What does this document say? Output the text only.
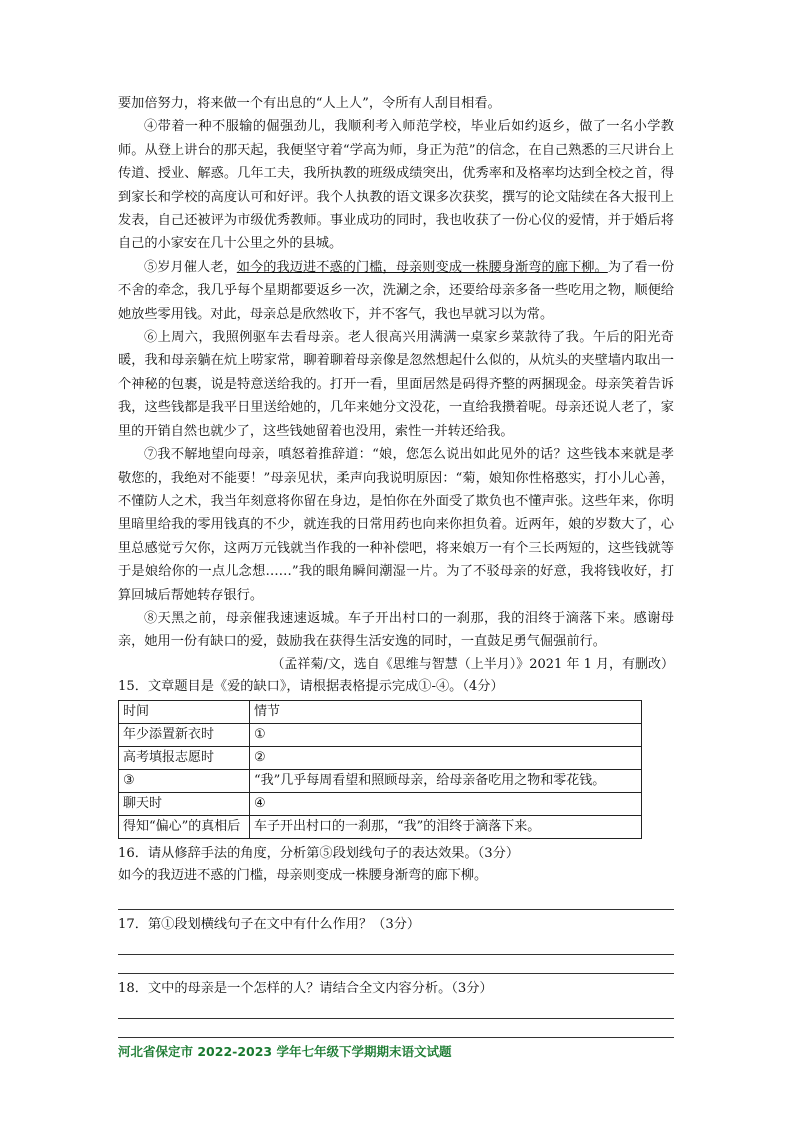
要加倍努力，将来做一个有出息的“人上人”，令所有人刮目相看。

④带着一种不服输的倔强劲儿，我顺利考入师范学校，毕业后如约返乡，做了一名小学教师。从登上讲台的那天起，我便坚守着“学高为师，身正为范”的信念，在自己熟悉的三尺讲台上传道、授业、解惑。几年工夫，我所执教的班级成绩突出，优秀率和及格率均达到全校之首，得到家长和学校的高度认可和好评。我个人执教的语文课多次获奖，撰写的论文陆续在各大报刊上发表，自己还被评为市级优秀教师。事业成功的同时，我也收获了一份心仪的爱情，并于婚后将自己的小家安在几十公里之外的县城。

⑤岁月催人老，如今的我迈进不惑的门槛，母亲则变成一株腰身渐弯的廊下柳。为了看一份不舍的牵念，我几乎每个星期都要返乡一次，洗涮之余，还要给母亲多备一些吃用之物，顺便给她放些零用钱。对此，母亲总是欣然收下，并不客气，我也早就习以为常。

⑥上周六，我照例驱车去看母亲。老人很高兴用满满一桌家乡菜款待了我。午后的阳光奇暖，我和母亲躺在炕上唠家常，聊着聊着母亲像是忽然想起什么似的，从炕头的夹壁墙内取出一个神秘的包裹，说是特意送给我的。打开一看，里面居然是码得齐整的两捆现金。母亲笑着告诉我，这些钱都是我平日里送给她的，几年来她分文没花，一直给我攒着呢。母亲还说人老了，家里的开销自然也就少了，这些钱她留着也没用，索性一并转还给我。

⑦我不解地望向母亲，嗔怒着推辞道：“娘，您怎么说出如此见外的话？这些钱本来就是孝敬您的，我绝对不能要！”母亲见状，柔声向我说明原因：“菊，娘知你性格憨实，打小儿心善，不懂防人之术，我当年刻意将你留在身边，是怕你在外面受了欺负也不懂声张。这些年来，你明里暗里给我的零用钱真的不少，就连我的日常用药也向来你担负着。近两年，娘的岁数大了，心里总感觉亏欠你，这两万元钱就当作我的一种补偿吧，将来娘万一有个三长两短的，这些钱就等于是娘给你的一点儿念想……”我的眼角瞬间潮湿一片。为了不驳母亲的好意，我将钱收好，打算回城后帮她转存银行。

⑧天黑之前，母亲催我速速返城。车子开出村口的一刹那，我的泪终于滴落下来。感谢母亲，她用一份有缺口的爱，鼓励我在获得生活安逸的同时，一直鼓足勇气倔强前行。

（孟祥菊/文，选自《思维与智慧（上半月）》2021 年 1 月，有删改）

15．文章题目是《爱的缺口》，请根据表格提示完成①-④。（4分）

时间	情节
年少添置新衣时	①
高考填报志愿时	②
③	“我”几乎每周看望和照顾母亲，给母亲备吃用之物和零花钱。
聊天时	④
得知“偏心”的真相后	车子开出村口的一刹那，“我”的泪终于滴落下来。

16．请从修辞手法的角度，分析第⑤段划线句子的表达效果。（3分）

如今的我迈进不惑的门槛，母亲则变成一株腰身渐弯的廊下柳。

17．第①段划横线句子在文中有什么作用？（3分）

18．文中的母亲是一个怎样的人？请结合全文内容分析。（3分）

河北省保定市 2022-2023 学年七年级下学期期末语文试题
